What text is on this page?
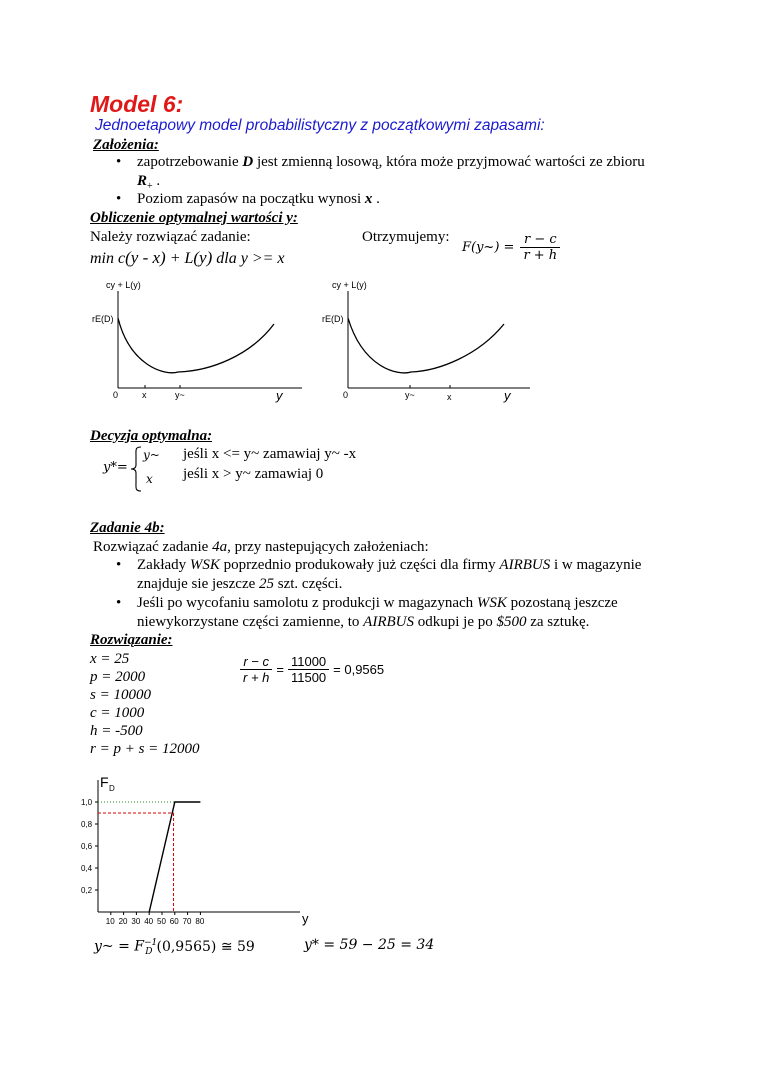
Model 6:
Jednoetapowy model probabilistyczny z początkowymi zapasami:
Założenia:
• zapotrzebowanie D jest zmienną losową, która może przyjmować wartości ze zbioru
$R_+$ .
• Poziom zapasów na początku wynosi x .
Obliczenie optymalnej wartości y:
Należy rozwiązać zadanie:
min c(y - x) + L(y) dla y >= x
Otrzymujemy:
F(y~) = $\frac{r - c}{r + h}$
cy + L(y)
rE(D)
0	x	y~	y
cy + L(y)
rE(D)
0	y~	x	y
Decyzja optymalna:
y*=
y~
x
jeśli x <= y~ zamawiaj y~ -x
jeśli x > y~ zamawiaj 0
Zadanie 4b:
Rozwiązać zadanie 4a, przy nastepujących założeniach:
• Zakłady WSK poprzednio produkowały już części dla firmy AIRBUS i w magazynie
znajduje sie jeszcze 25 szt. części.
• Jeśli po wycofaniu samolotu z produkcji w magazynach WSK pozostaną jeszcze
niewykorzystane części zamienne, to AIRBUS odkupi je po $500 za sztukę.
Rozwiązanie:
x = 25
p = 2000
s = 10000
c = 1000
h = -500
r = p + s = 12000
$\frac{r - c}{r + h} = \frac{11000}{11500} = 0,9565$
1,0
0,8
0,6
0,4
0,2
10 20 30 40 50 60 70 80
F D
y
y~ = $F^{-1}_D$ (0,9565) ≅ 59	y* = 59 − 25 = 34
